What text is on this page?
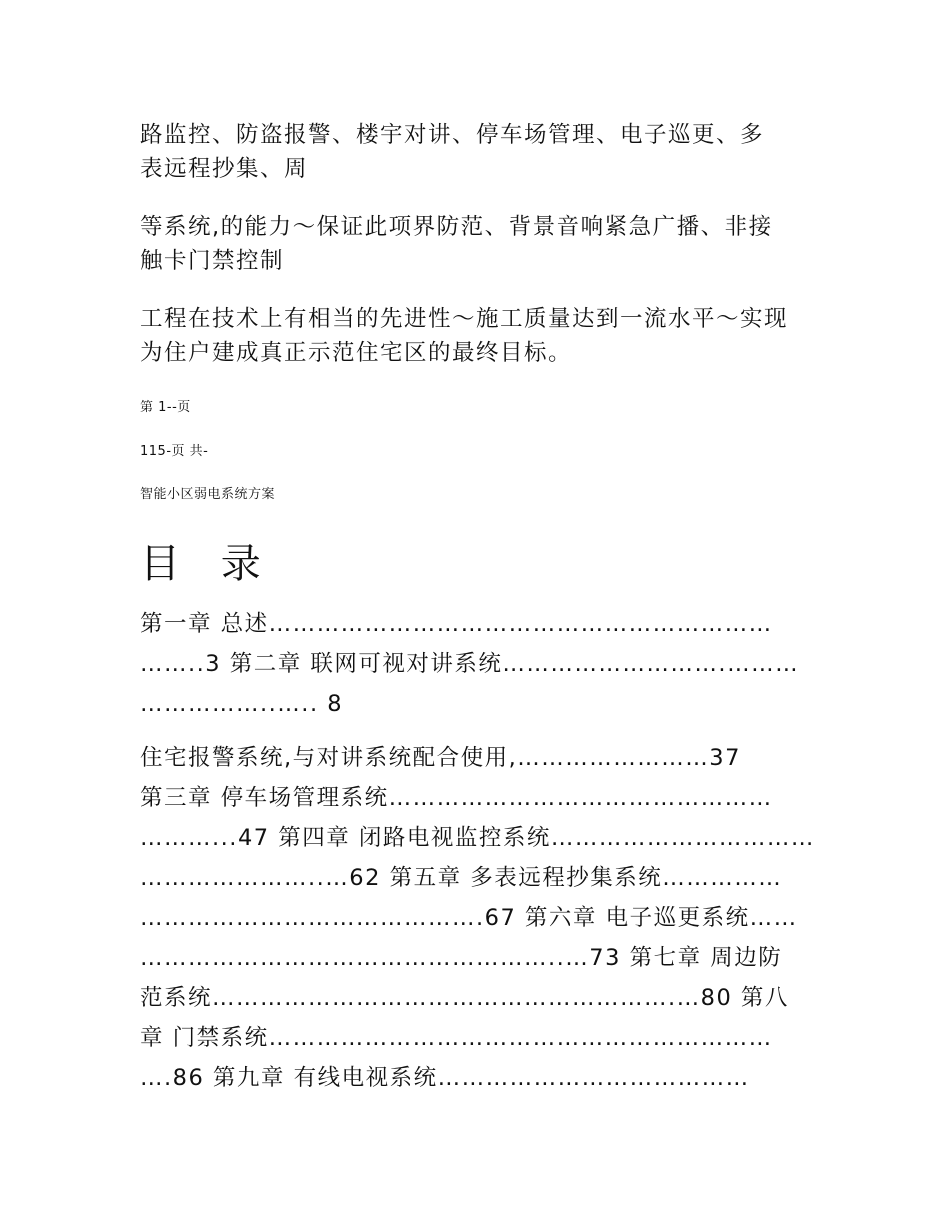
路监控、防盗报警、楼宇对讲、停车场管理、电子巡更、多
表远程抄集、周

等系统,的能力～保证此项界防范、背景音响紧急广播、非接
触卡门禁控制

工程在技术上有相当的先进性～施工质量达到一流水平～实现
为住户建成真正示范住宅区的最终目标。

第 1--页

115-页 共-

智能小区弱电系统方案

目 录
第一章 总述………………………………………………………
……..3 第二章 联网可视对讲系统……………………….………
……………..….. 8
住宅报警系统,与对讲系统配合使用,……………………37
第三章 停车场管理系统…………………………………………
………...47 第四章 闭路电视监控系统……………………………
…………………..…62 第五章 多表远程抄集系统……………
…………………………………….67 第六章 电子巡更系统……
……………………………………………..…73 第七章 周边防
范系统………………………………………………….…80 第八
章 门禁系统………………………………………………………
….86 第九章 有线电视系统…………………………………
